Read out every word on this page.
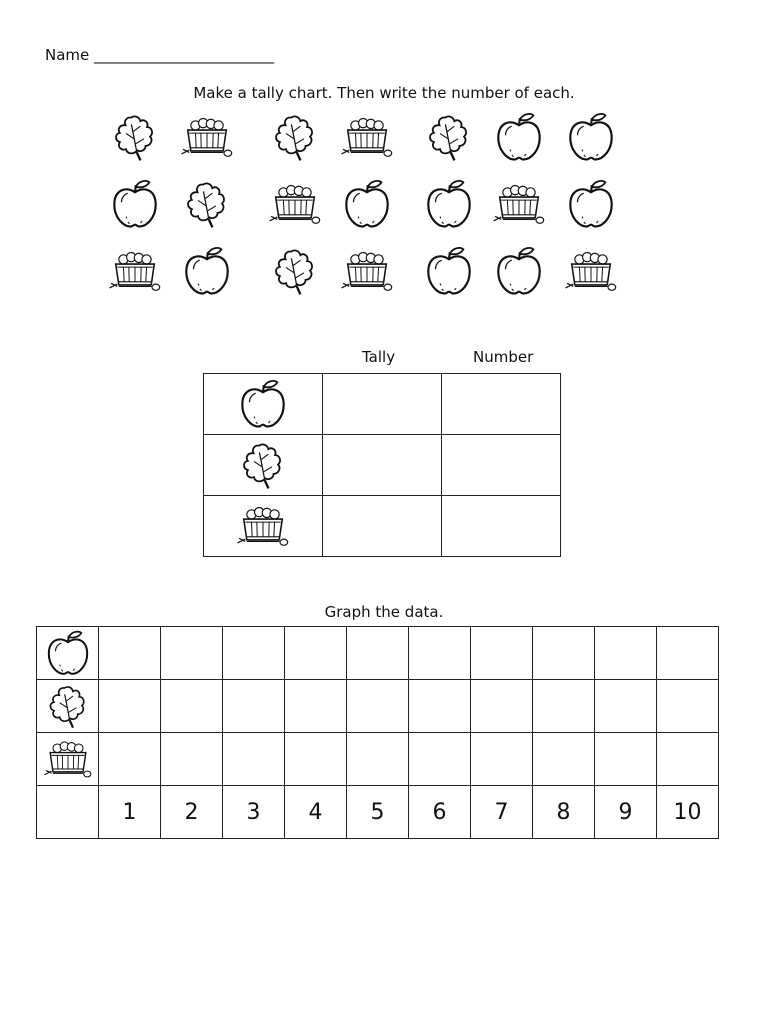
Name ________________________
Make a tally chart. Then write the number of each.
Tally	Number

Graph the data.

	1	2	3	4	5	6	7	8	9	10
